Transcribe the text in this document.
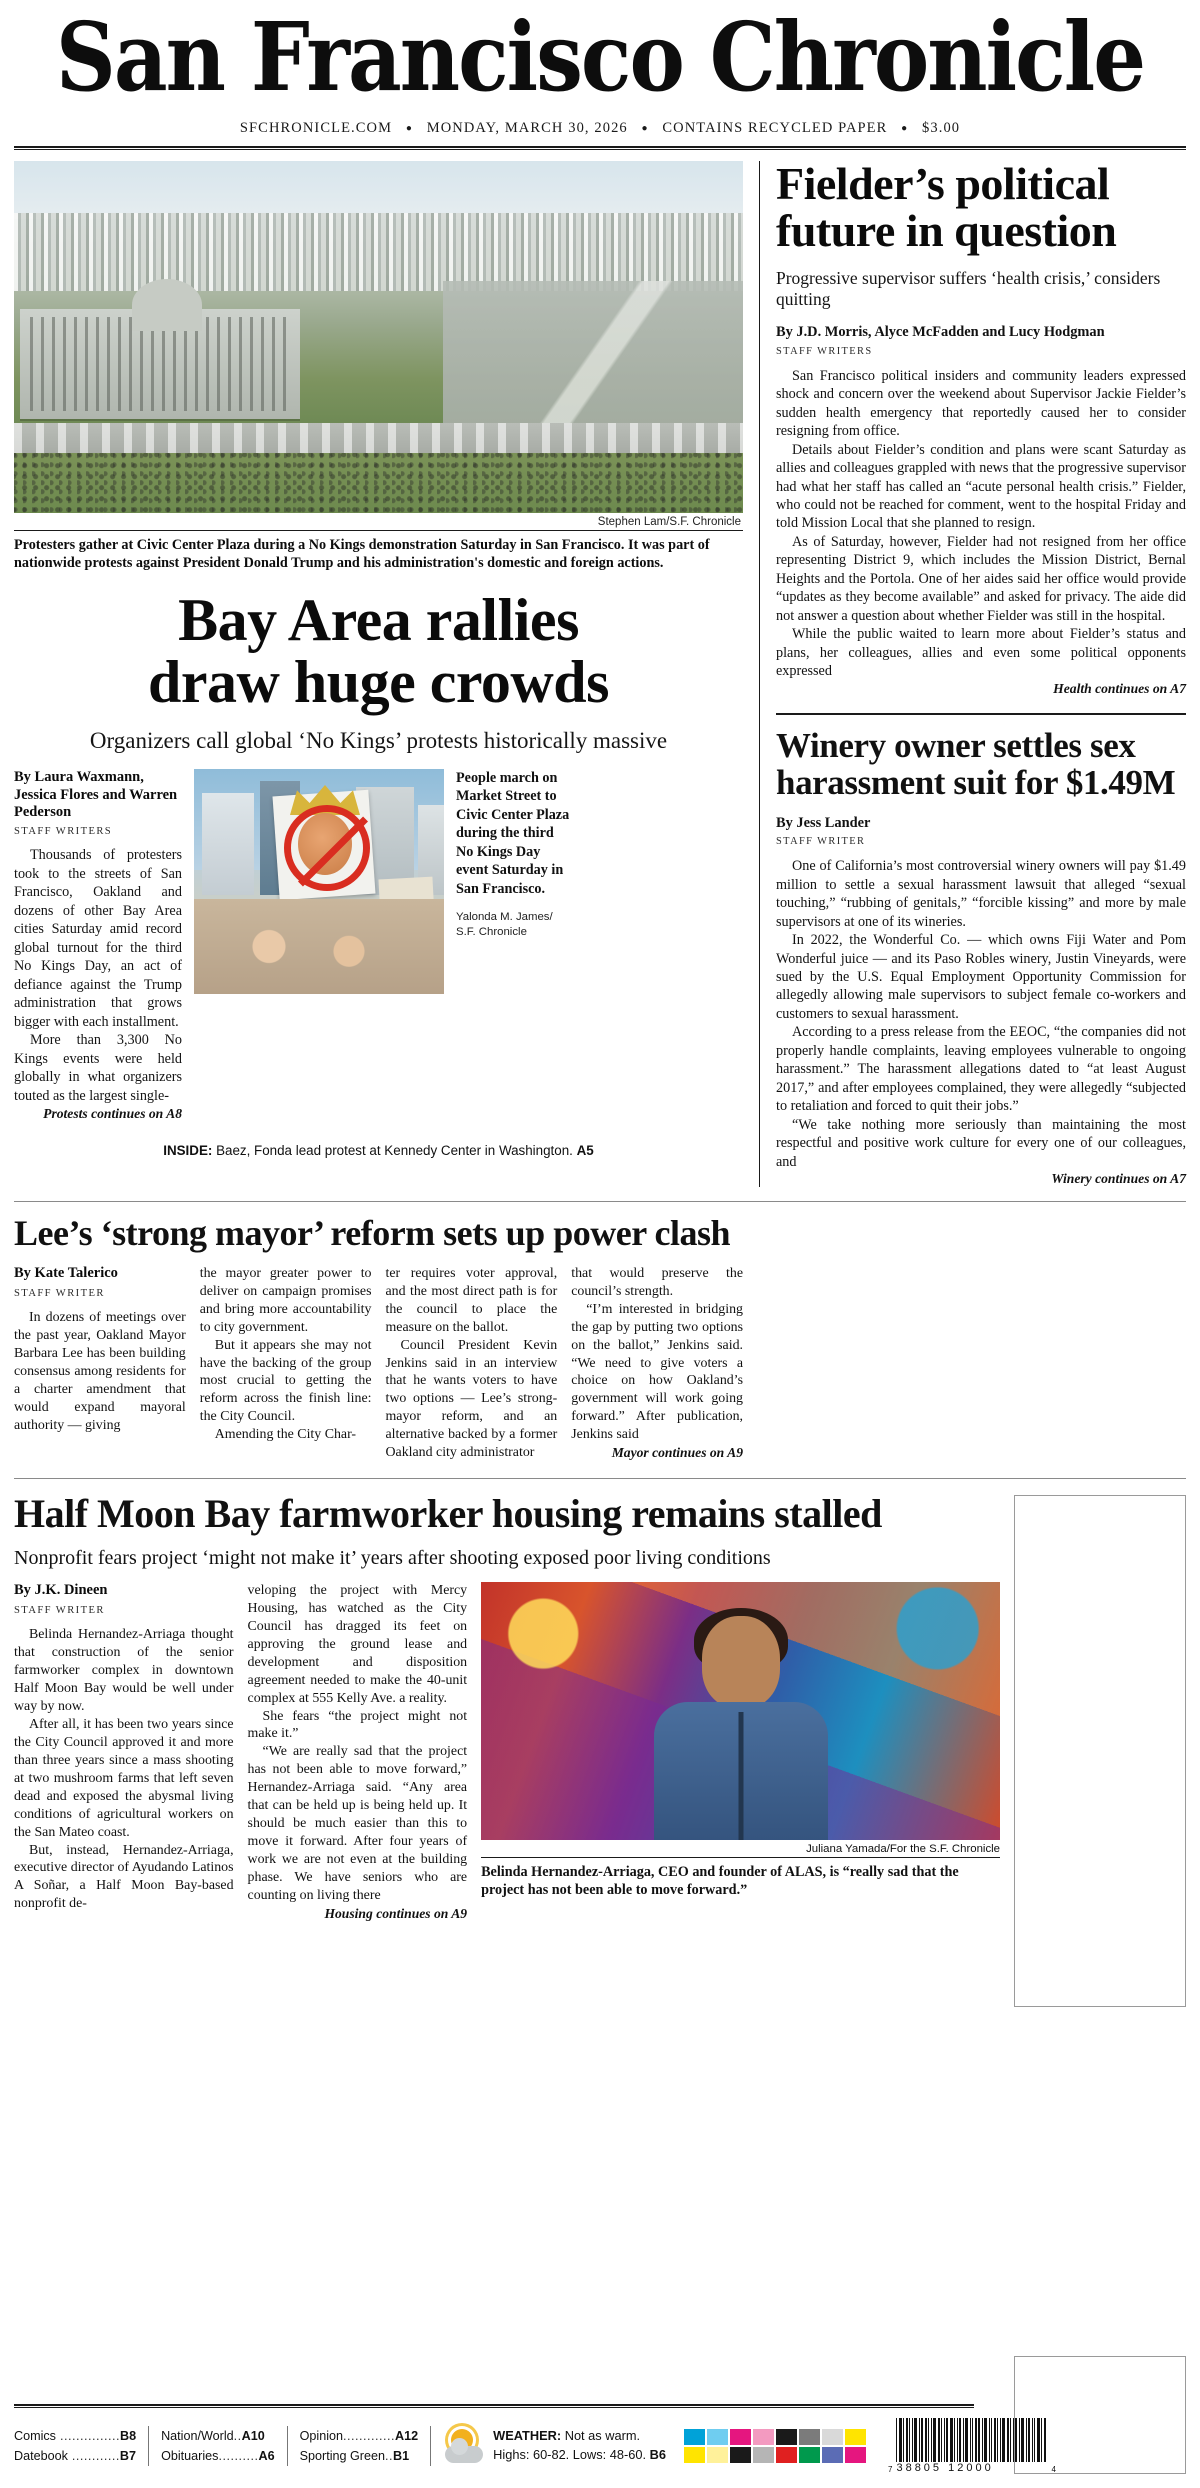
San Francisco Chronicle
SFCHRONICLE.COM ● MONDAY, MARCH 30, 2026 ● CONTAINS RECYCLED PAPER ● $3.00
Stephen Lam/S.F. Chronicle
Protesters gather at Civic Center Plaza during a No Kings demonstration Saturday in San Francisco. It was part of nationwide protests against President Donald Trump and his administration's domestic and foreign actions.
Bay Area rallies
draw huge crowds
Organizers call global ‘No Kings’ protests historically massive
By Laura Waxmann, Jessica Flores and Warren Pederson
STAFF WRITERS

Thousands of protesters took to the streets of San Francisco, Oakland and dozens of other Bay Area cities Saturday amid record global turnout for the third No Kings Day, an act of defiance against the Trump administration that grows bigger with each installment.

More than 3,300 No Kings events were held globally in what organizers touted as the largest single-

Protests continues on A8
People march on Market Street to Civic Center Plaza during the third No Kings Day event Saturday in San Francisco.
Yalonda M. James/ S.F. Chronicle
INSIDE: Baez, Fonda lead protest at Kennedy Center in Washington. A5
Fielder’s political future in question
Progressive supervisor suffers ‘health crisis,’ considers quitting
By J.D. Morris, Alyce McFadden and Lucy Hodgman
STAFF WRITERS

San Francisco political insiders and community leaders expressed shock and concern over the weekend about Supervisor Jackie Fielder’s sudden health emergency that reportedly caused her to consider resigning from office.

Details about Fielder’s condition and plans were scant Saturday as allies and colleagues grappled with news that the progressive supervisor had what her staff has called an “acute personal health crisis.” Fielder, who could not be reached for comment, went to the hospital Friday and told Mission Local that she planned to resign.

As of Saturday, however, Fielder had not resigned from her office representing District 9, which includes the Mission District, Bernal Heights and the Portola. One of her aides said her office would provide “updates as they become available” and asked for privacy. The aide did not answer a question about whether Fielder was still in the hospital.

While the public waited to learn more about Fielder’s status and plans, her colleagues, allies and even some political opponents expressed

Health continues on A7
Winery owner settles sex harassment suit for $1.49M
By Jess Lander
STAFF WRITER

One of California’s most controversial winery owners will pay $1.49 million to settle a sexual harassment lawsuit that alleged “sexual touching,” “rubbing of genitals,” “forcible kissing” and more by male supervisors at one of its wineries.

In 2022, the Wonderful Co. — which owns Fiji Water and Pom Wonderful juice — and its Paso Robles winery, Justin Vineyards, were sued by the U.S. Equal Employment Opportunity Commission for allegedly allowing male supervisors to subject female co-workers and customers to sexual harassment.

According to a press release from the EEOC, “the companies did not properly handle complaints, leaving employees vulnerable to ongoing harassment.” The harassment allegations dated to “at least August 2017,” and after employees complained, they were allegedly “subjected to retaliation and forced to quit their jobs.”

“We take nothing more seriously than maintaining the most respectful and positive work culture for every one of our colleagues, and

Winery continues on A7
Lee’s ‘strong mayor’ reform sets up power clash
By Kate Talerico
STAFF WRITER

In dozens of meetings over the past year, Oakland Mayor Barbara Lee has been building consensus among residents for a charter amendment that would expand mayoral authority — giving

the mayor greater power to deliver on campaign promises and bring more accountability to city government.

But it appears she may not have the backing of the group most crucial to getting the reform across the finish line: the City Council.

Amending the City Char-

ter requires voter approval, and the most direct path is for the council to place the measure on the ballot.

Council President Kevin Jenkins said in an interview that he wants voters to have two options — Lee’s strong-mayor reform, and an alternative backed by a former Oakland city administrator

that would preserve the council’s strength.

“I’m interested in bridging the gap by putting two options on the ballot,” Jenkins said. “We need to give voters a choice on how Oakland’s government will work going forward.” After publication, Jenkins said

Mayor continues on A9
Half Moon Bay farmworker housing remains stalled
Nonprofit fears project ‘might not make it’ years after shooting exposed poor living conditions
By J.K. Dineen
STAFF WRITER

Belinda Hernandez-Arriaga thought that construction of the senior farmworker complex in downtown Half Moon Bay would be well under way by now.

After all, it has been two years since the City Council approved it and more than three years since a mass shooting at two mushroom farms that left seven dead and exposed the abysmal living conditions of agricultural workers on the San Mateo coast.

But, instead, Hernandez-Arriaga, executive director of Ayudando Latinos A Soñar, a Half Moon Bay-based nonprofit de-

veloping the project with Mercy Housing, has watched as the City Council has dragged its feet on approving the ground lease and development and disposition agreement needed to make the 40-unit complex at 555 Kelly Ave. a reality.

She fears “the project might not make it.”

“We are really sad that the project has not been able to move forward,” Hernandez-Arriaga said. “Any area that can be held up is being held up. It should be much easier than this to move it forward. After four years of work we are not even at the building phase. We have seniors who are counting on living there

Housing continues on A9
Juliana Yamada/For the S.F. Chronicle
Belinda Hernandez-Arriaga, CEO and founder of ALAS, is “really sad that the project has not been able to move forward.”
Comics ...............B8
Datebook ............B7
Nation/World..A10
Obituaries..........A6
Opinion.............A12
Sporting Green..B1
WEATHER: Not as warm.
Highs: 60-82. Lows: 48-60. B6
7 38805 12000	4
